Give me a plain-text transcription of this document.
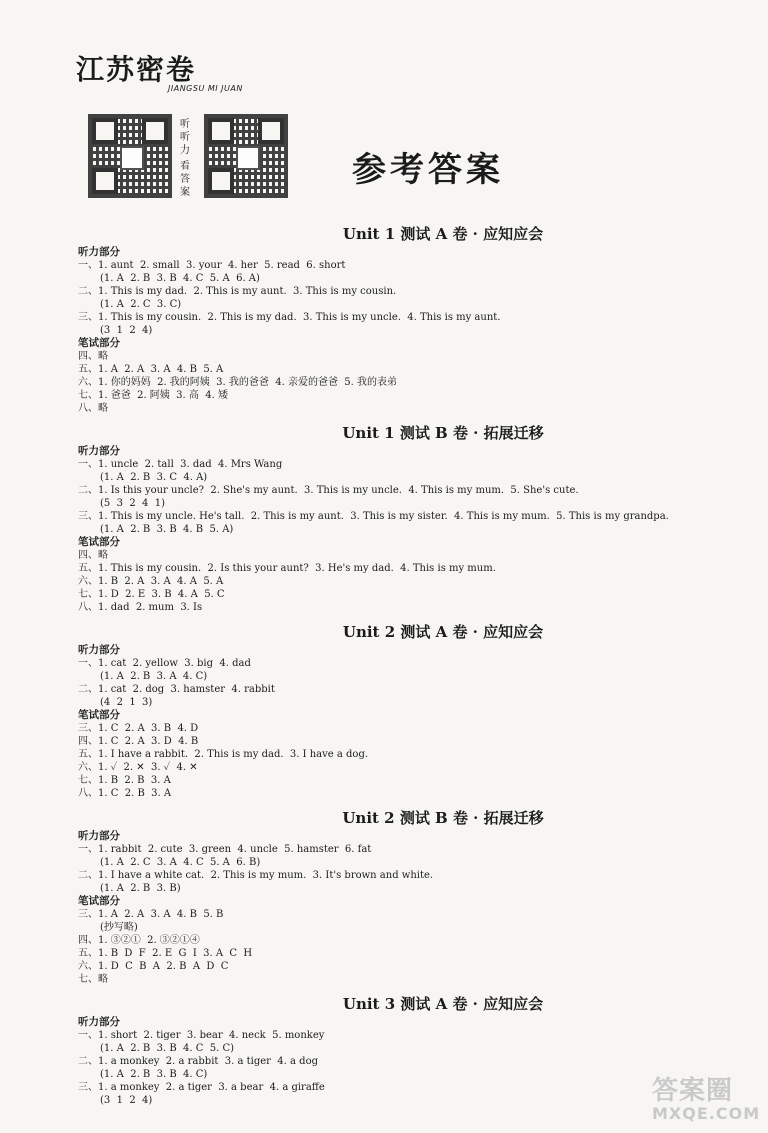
江苏密卷
JIANGSU MI JUAN
听
听
力
看
答
案
参考答案
Unit 1 测试 A 卷 · 应知应会
听力部分
一、1. aunt  2. small  3. your  4. her  5. read  6. short
(1. A  2. B  3. B  4. C  5. A  6. A)
二、1. This is my dad.  2. This is my aunt.  3. This is my cousin.
(1. A  2. C  3. C)
三、1. This is my cousin.  2. This is my dad.  3. This is my uncle.  4. This is my aunt.
(3  1  2  4)
笔试部分
四、略
五、1. A  2. A  3. A  4. B  5. A
六、1. 你的妈妈  2. 我的阿姨  3. 我的爸爸  4. 亲爱的爸爸  5. 我的表弟
七、1. 爸爸  2. 阿姨  3. 高  4. 矮
八、略
Unit 1 测试 B 卷 · 拓展迁移
听力部分
一、1. uncle  2. tall  3. dad  4. Mrs Wang
(1. A  2. B  3. C  4. A)
二、1. Is this your uncle?  2. She's my aunt.  3. This is my uncle.  4. This is my mum.  5. She's cute.
(5  3  2  4  1)
三、1. This is my uncle. He's tall.  2. This is my aunt.  3. This is my sister.  4. This is my mum.  5. This is my grandpa.
(1. A  2. B  3. B  4. B  5. A)
笔试部分
四、略
五、1. This is my cousin.  2. Is this your aunt?  3. He's my dad.  4. This is my mum.
六、1. B  2. A  3. A  4. A  5. A
七、1. D  2. E  3. B  4. A  5. C
八、1. dad  2. mum  3. Is
Unit 2 测试 A 卷 · 应知应会
听力部分
一、1. cat  2. yellow  3. big  4. dad
(1. A  2. B  3. A  4. C)
二、1. cat  2. dog  3. hamster  4. rabbit
(4  2  1  3)
笔试部分
三、1. C  2. A  3. B  4. D
四、1. C  2. A  3. D  4. B
五、1. I have a rabbit.  2. This is my dad.  3. I have a dog.
六、1. ✓  2. ✕  3. ✓  4. ✕
七、1. B  2. B  3. A
八、1. C  2. B  3. A
Unit 2 测试 B 卷 · 拓展迁移
听力部分
一、1. rabbit  2. cute  3. green  4. uncle  5. hamster  6. fat
(1. A  2. C  3. A  4. C  5. A  6. B)
二、1. I have a white cat.  2. This is my mum.  3. It's brown and white.
(1. A  2. B  3. B)
笔试部分
三、1. A  2. A  3. A  4. B  5. B
(抄写略)
四、1. ③②①  2. ③②①④
五、1. B  D  F  2. E  G  I  3. A  C  H
六、1. D  C  B  A  2. B  A  D  C
七、略
Unit 3 测试 A 卷 · 应知应会
听力部分
一、1. short  2. tiger  3. bear  4. neck  5. monkey
(1. A  2. B  3. B  4. C  5. C)
二、1. a monkey  2. a rabbit  3. a tiger  4. a dog
(1. A  2. B  3. B  4. C)
三、1. a monkey  2. a tiger  3. a bear  4. a giraffe
(3  1  2  4)	答案圈
MXQE.COM
